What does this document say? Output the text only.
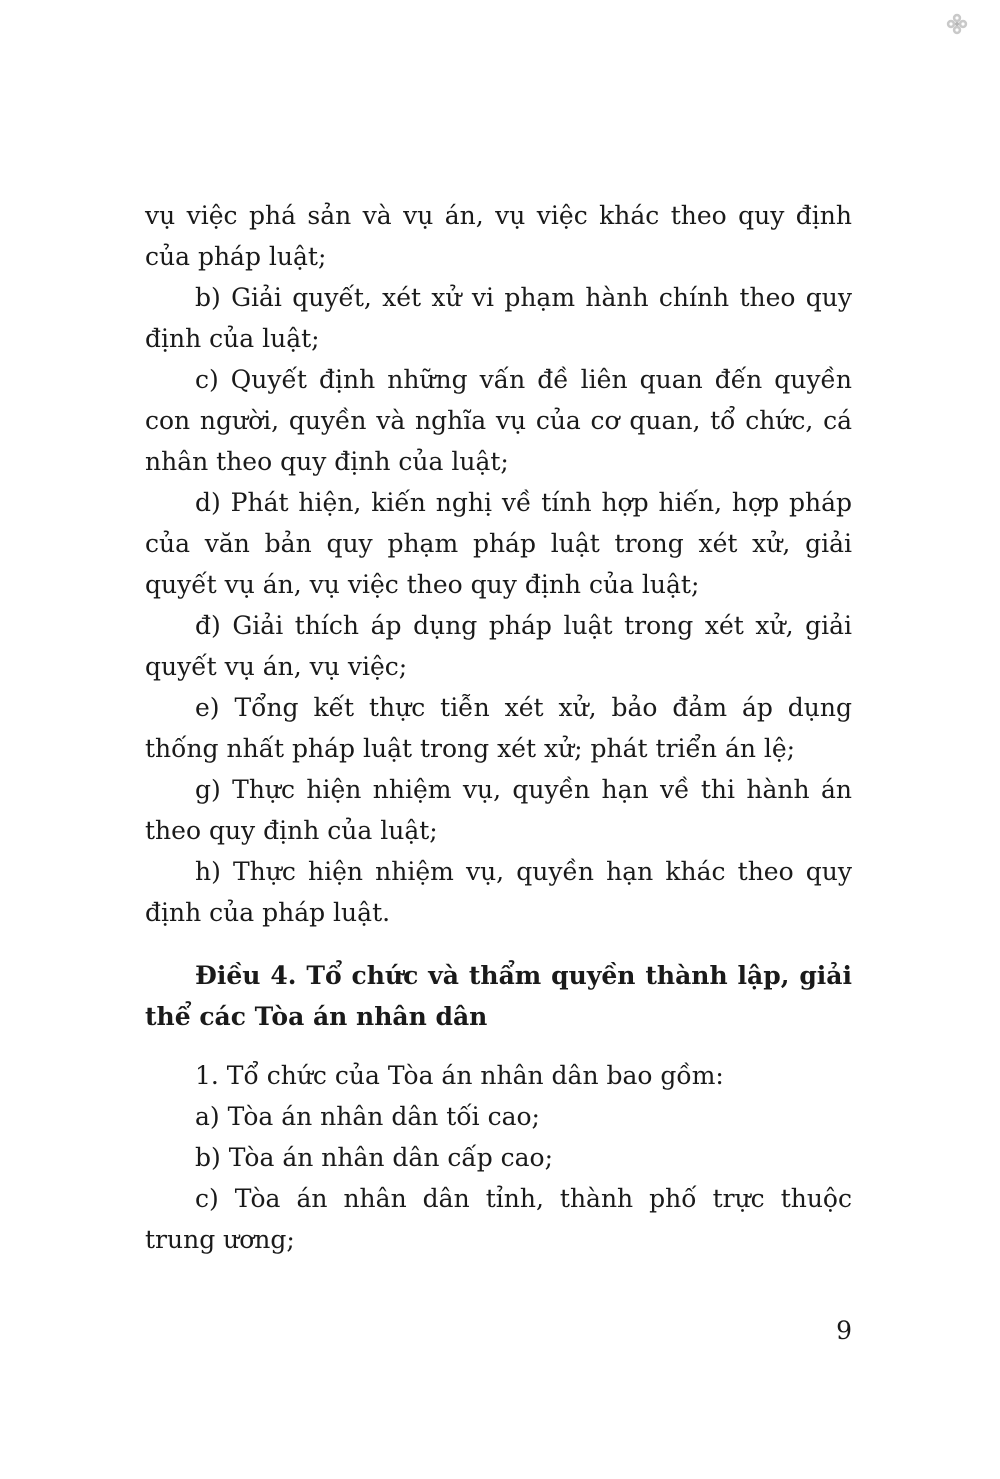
vụ việc phá sản và vụ án, vụ việc khác theo quy định của pháp luật;

b) Giải quyết, xét xử vi phạm hành chính theo quy định của luật;

c) Quyết định những vấn đề liên quan đến quyền con người, quyền và nghĩa vụ của cơ quan, tổ chức, cá nhân theo quy định của luật;

d) Phát hiện, kiến nghị về tính hợp hiến, hợp pháp của văn bản quy phạm pháp luật trong xét xử, giải quyết vụ án, vụ việc theo quy định của luật;

đ) Giải thích áp dụng pháp luật trong xét xử, giải quyết vụ án, vụ việc;

e) Tổng kết thực tiễn xét xử, bảo đảm áp dụng thống nhất pháp luật trong xét xử; phát triển án lệ;

g) Thực hiện nhiệm vụ, quyền hạn về thi hành án theo quy định của luật;

h) Thực hiện nhiệm vụ, quyền hạn khác theo quy định của pháp luật.

Điều 4. Tổ chức và thẩm quyền thành lập, giải thể các Tòa án nhân dân

1. Tổ chức của Tòa án nhân dân bao gồm:

a) Tòa án nhân dân tối cao;

b) Tòa án nhân dân cấp cao;

c) Tòa án nhân dân tỉnh, thành phố trực thuộc trung ương;

9
